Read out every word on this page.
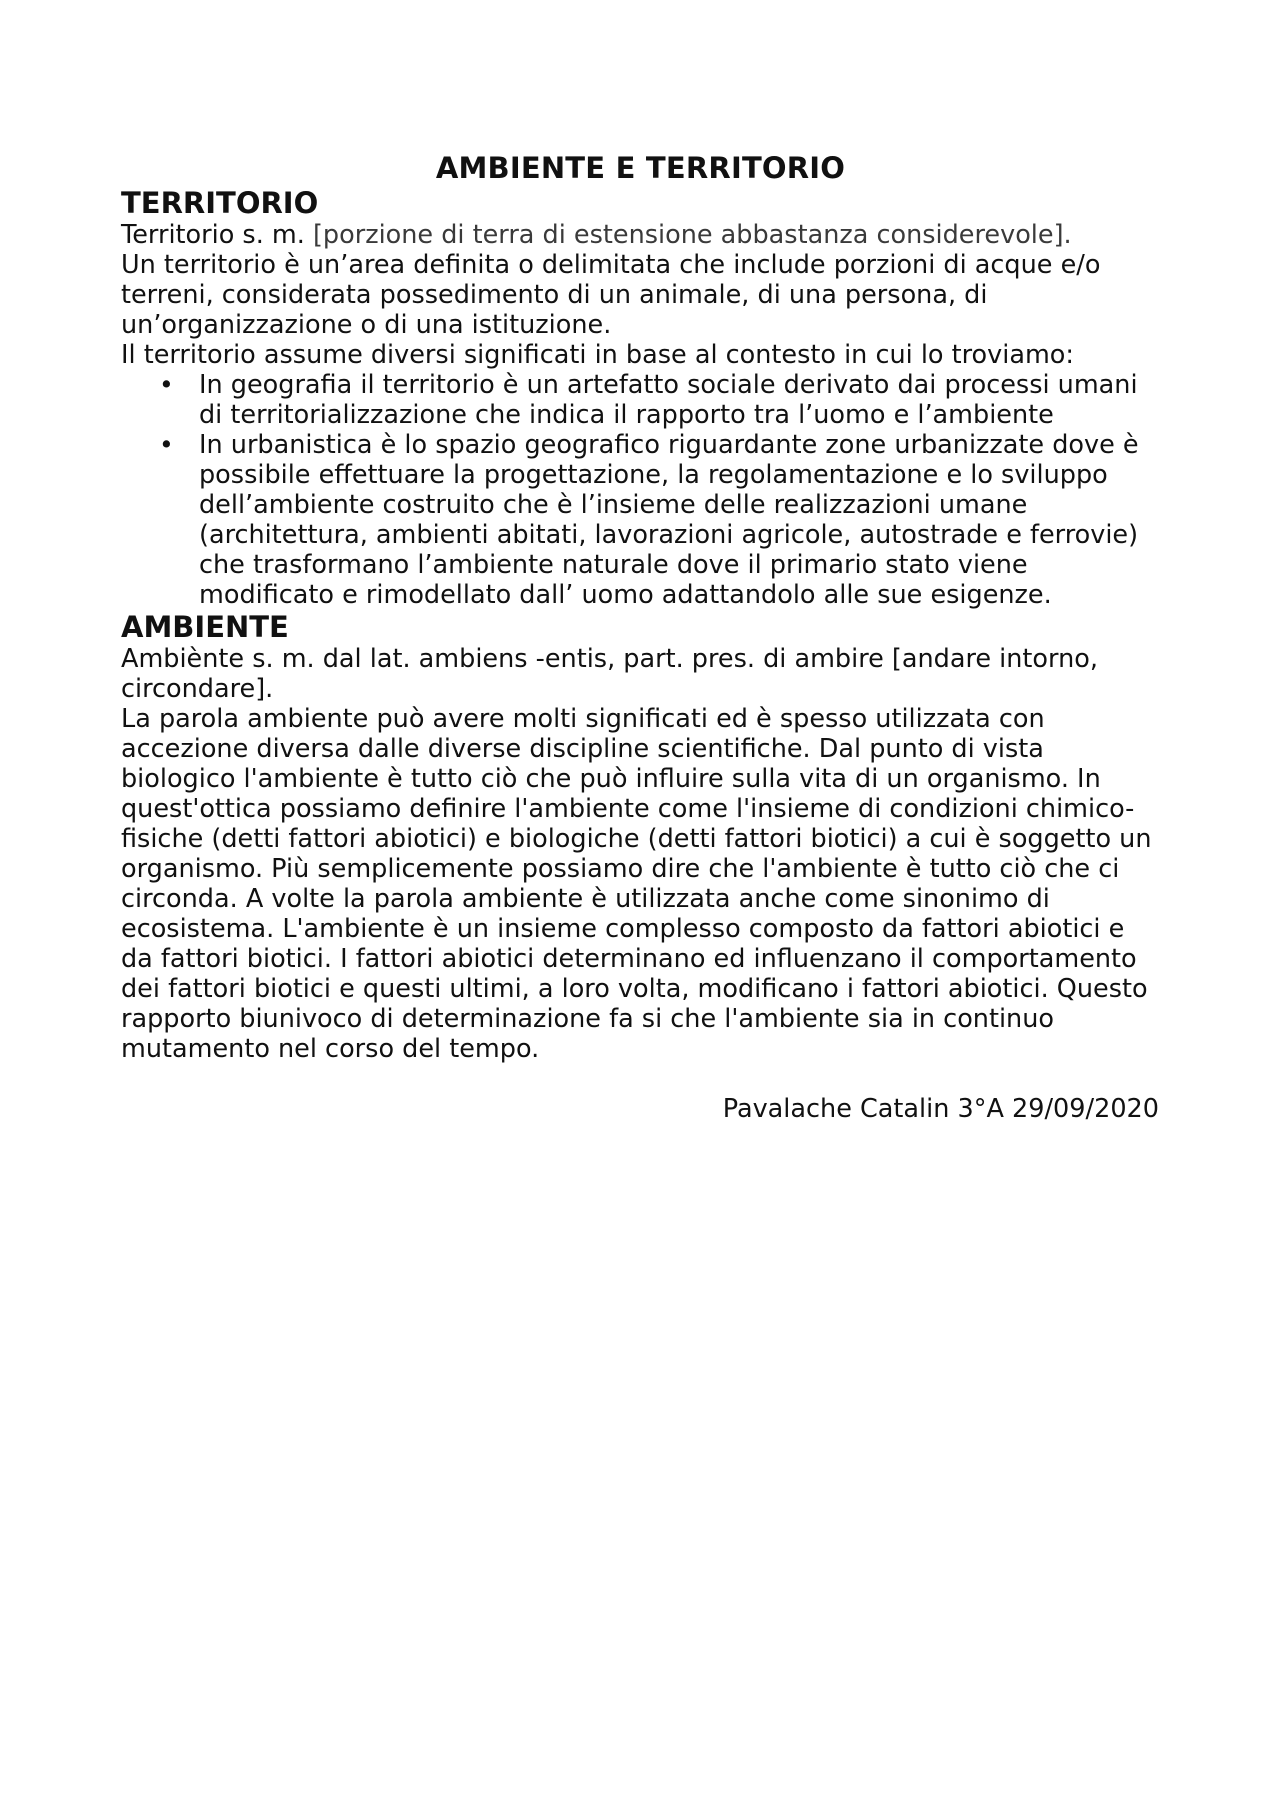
AMBIENTE E TERRITORIO
TERRITORIO

Territorio s. m. [porzione di terra di estensione abbastanza considerevole].

Un territorio è un’area definita o delimitata che include porzioni di acque e/o terreni, considerata possedimento di un animale, di una persona, di un’organizzazione o di una istituzione.

Il territorio assume diversi significati in base al contesto in cui lo troviamo:

• In geografia il territorio è un artefatto sociale derivato dai processi umani di territorializzazione che indica il rapporto tra l’uomo e l’ambiente
• In urbanistica è lo spazio geografico riguardante zone urbanizzate dove è possibile effettuare la progettazione, la regolamentazione e lo sviluppo dell’ambiente costruito che è l’insieme delle realizzazioni umane (architettura, ambienti abitati, lavorazioni agricole, autostrade e ferrovie) che trasformano l’ambiente naturale dove il primario stato viene modificato e rimodellato dall’ uomo adattandolo alle sue esigenze.
AMBIENTE

Ambiènte s. m. dal lat. ambiens -entis, part. pres. di ambire [andare intorno, circondare].

La parola ambiente può avere molti significati ed è spesso utilizzata con accezione diversa dalle diverse discipline scientifiche. Dal punto di vista biologico l'ambiente è tutto ciò che può influire sulla vita di un organismo. In quest'ottica possiamo definire l'ambiente come l'insieme di condizioni chimico-fisiche (detti fattori abiotici) e biologiche (detti fattori biotici) a cui è soggetto un organismo. Più semplicemente possiamo dire che l'ambiente è tutto ciò che ci circonda. A volte la parola ambiente è utilizzata anche come sinonimo di ecosistema. L'ambiente è un insieme complesso composto da fattori abiotici e da fattori biotici. I fattori abiotici determinano ed influenzano il comportamento dei fattori biotici e questi ultimi, a loro volta, modificano i fattori abiotici. Questo rapporto biunivoco di determinazione fa si che l'ambiente sia in continuo mutamento nel corso del tempo.

Pavalache Catalin 3°A 29/09/2020
